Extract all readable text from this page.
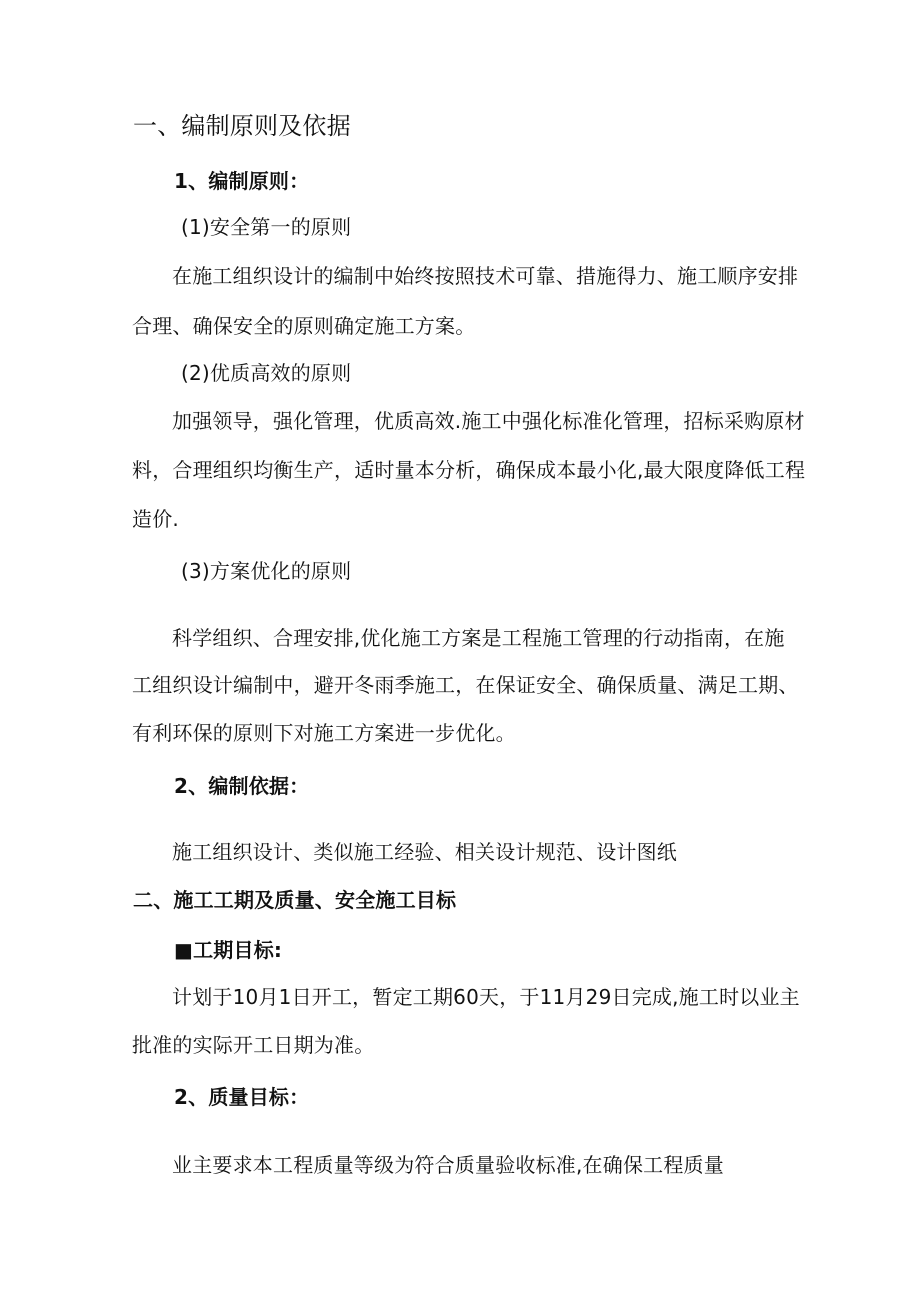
一、编制原则及依据
1、编制原则：
(1)安全第一的原则
在施工组织设计的编制中始终按照技术可靠、措施得力、施工顺序安排
合理、确保安全的原则确定施工方案。
(2)优质高效的原则
加强领导，强化管理，优质高效.施工中强化标准化管理，招标采购原材
料，合理组织均衡生产，适时量本分析，确保成本最小化,最大限度降低工程
造价.
(3)方案优化的原则
科学组织、合理安排,优化施工方案是工程施工管理的行动指南，在施
工组织设计编制中，避开冬雨季施工，在保证安全、确保质量、满足工期、
有利环保的原则下对施工方案进一步优化。
2、编制依据：
施工组织设计、类似施工经验、相关设计规范、设计图纸
二、施工工期及质量、安全施工目标
■工期目标:
计划于10月1日开工，暂定工期60天，于11月29日完成,施工时以业主
批准的实际开工日期为准。
2、质量目标：
业主要求本工程质量等级为符合质量验收标准,在确保工程质量
